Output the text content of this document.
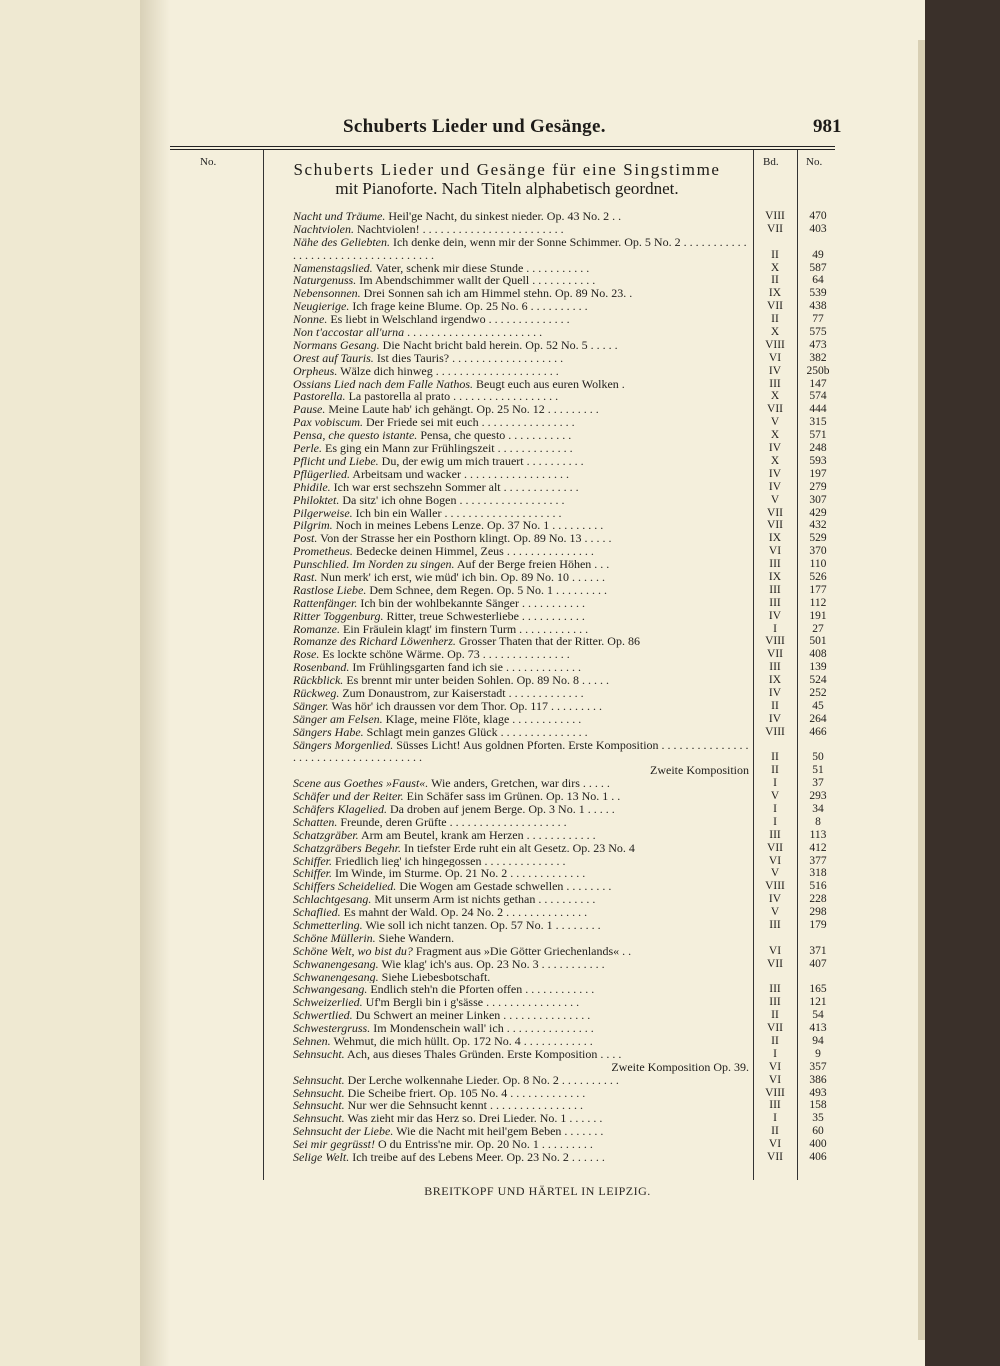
Schuberts Lieder und Gesänge.	981
No.	Bd. No.
Schuberts Lieder und Gesänge für eine Singstimme
mit Pianoforte. Nach Titeln alphabetisch geordnet.
Nacht und Träume. Heil'ge Nacht, du sinkest nieder. Op. 43 No. 2 . .	VIII	470
Nachtviolen. Nachtviolen! . . . . . . . . . . . . . . . . . . . . . . . .	VII	403
Nähe des Geliebten. Ich denke dein, wenn mir der Sonne Schimmer. Op. 5 No. 2 . . . . . . . . . . . . . . . . . . . . . . . . . . . . . . . . . . .	II	49
Namenstagslied. Vater, schenk mir diese Stunde . . . . . . . . . . .	X	587
Naturgenuss. Im Abendschimmer wallt der Quell . . . . . . . . . . .	II	64
Nebensonnen. Drei Sonnen sah ich am Himmel stehn. Op. 89 No. 23. .	IX	539
Neugierige. Ich frage keine Blume. Op. 25 No. 6 . . . . . . . . . .	VII	438
Nonne. Es liebt in Welschland irgendwo . . . . . . . . . . . . . .	II	77
Non t'accostar all'urna . . . . . . . . . . . . . . . . . . . . . . .	X	575
Normans Gesang. Die Nacht bricht bald herein. Op. 52 No. 5 . . . . .	VIII	473
Orest auf Tauris. Ist dies Tauris? . . . . . . . . . . . . . . . . . . .	VI	382
Orpheus. Wälze dich hinweg . . . . . . . . . . . . . . . . . . . . .	IV	250b
Ossians Lied nach dem Falle Nathos. Beugt euch aus euren Wolken .	III	147
Pastorella. La pastorella al prato . . . . . . . . . . . . . . . . . .	X	574
Pause. Meine Laute hab' ich gehängt. Op. 25 No. 12 . . . . . . . . .	VII	444
Pax vobiscum. Der Friede sei mit euch . . . . . . . . . . . . . . . .	V	315
Pensa, che questo istante. Pensa, che questo . . . . . . . . . . .	X	571
Perle. Es ging ein Mann zur Frühlingszeit . . . . . . . . . . . . .	IV	248
Pflicht und Liebe. Du, der ewig um mich trauert . . . . . . . . . .	X	593
Pflügerlied. Arbeitsam und wacker . . . . . . . . . . . . . . . . . .	IV	197
Phidile. Ich war erst sechszehn Sommer alt . . . . . . . . . . . . .	IV	279
Philoktet. Da sitz' ich ohne Bogen . . . . . . . . . . . . . . . . . .	V	307
Pilgerweise. Ich bin ein Waller . . . . . . . . . . . . . . . . . . . .	VII	429
Pilgrim. Noch in meines Lebens Lenze. Op. 37 No. 1 . . . . . . . . .	VII	432
Post. Von der Strasse her ein Posthorn klingt. Op. 89 No. 13 . . . . .	IX	529
Prometheus. Bedecke deinen Himmel, Zeus . . . . . . . . . . . . . . .	VI	370
Punschlied. Im Norden zu singen. Auf der Berge freien Höhen . . .	III	110
Rast. Nun merk' ich erst, wie müd' ich bin. Op. 89 No. 10 . . . . . .	IX	526
Rastlose Liebe. Dem Schnee, dem Regen. Op. 5 No. 1 . . . . . . . . .	III	177
Rattenfänger. Ich bin der wohlbekannte Sänger . . . . . . . . . . .	III	112
Ritter Toggenburg. Ritter, treue Schwesterliebe . . . . . . . . . . .	IV	191
Romanze. Ein Fräulein klagt' im finstern Turm . . . . . . . . . . . .	I	27
Romanze des Richard Löwenherz. Grosser Thaten that der Ritter. Op. 86	VIII	501
Rose. Es lockte schöne Wärme. Op. 73 . . . . . . . . . . . . . . .	VII	408
Rosenband. Im Frühlingsgarten fand ich sie . . . . . . . . . . . . .	III	139
Rückblick. Es brennt mir unter beiden Sohlen. Op. 89 No. 8 . . . . .	IX	524
Rückweg. Zum Donaustrom, zur Kaiserstadt . . . . . . . . . . . . .	IV	252
Sänger. Was hör' ich draussen vor dem Thor. Op. 117 . . . . . . . . .	II	45
Sänger am Felsen. Klage, meine Flöte, klage . . . . . . . . . . . .	IV	264
Sängers Habe. Schlagt mein ganzes Glück . . . . . . . . . . . . . . .	VIII	466
Sängers Morgenlied. Süsses Licht! Aus goldnen Pforten. Erste Komposition . . . . . . . . . . . . . . . . . . . . . . . . . . . . . . . . . . . . .	II	50
Zweite Komposition	II	51
Scene aus Goethes »Faust«. Wie anders, Gretchen, war dirs . . . . .	I	37
Schäfer und der Reiter. Ein Schäfer sass im Grünen. Op. 13 No. 1 . .	V	293
Schäfers Klagelied. Da droben auf jenem Berge. Op. 3 No. 1 . . . . .	I	34
Schatten. Freunde, deren Grüfte . . . . . . . . . . . . . . . . . . . .	I	8
Schatzgräber. Arm am Beutel, krank am Herzen . . . . . . . . . . . .	III	113
Schatzgräbers Begehr. In tiefster Erde ruht ein alt Gesetz. Op. 23 No. 4	VII	412
Schiffer. Friedlich lieg' ich hingegossen . . . . . . . . . . . . . .	VI	377
Schiffer. Im Winde, im Sturme. Op. 21 No. 2 . . . . . . . . . . . . .	V	318
Schiffers Scheidelied. Die Wogen am Gestade schwellen . . . . . . . .	VIII	516
Schlachtgesang. Mit unserm Arm ist nichts gethan . . . . . . . . . .	IV	228
Schaflied. Es mahnt der Wald. Op. 24 No. 2 . . . . . . . . . . . . . .	V	298
Schmetterling. Wie soll ich nicht tanzen. Op. 57 No. 1 . . . . . . . .	III	179
Schöne Müllerin. Siehe Wandern.
Schöne Welt, wo bist du? Fragment aus »Die Götter Griechenlands« . .	VI	371
Schwanengesang. Wie klag' ich's aus. Op. 23 No. 3 . . . . . . . . . . .	VII	407
Schwanengesang. Siehe Liebesbotschaft.
Schwangesang. Endlich steh'n die Pforten offen . . . . . . . . . . . .	III	165
Schweizerlied. Uf'm Bergli bin i g'sässe . . . . . . . . . . . . . . . .	III	121
Schwertlied. Du Schwert an meiner Linken . . . . . . . . . . . . . . .	II	54
Schwestergruss. Im Mondenschein wall' ich . . . . . . . . . . . . . . .	VII	413
Sehnen. Wehmut, die mich hüllt. Op. 172 No. 4 . . . . . . . . . . . .	II	94
Sehnsucht. Ach, aus dieses Thales Gründen. Erste Komposition . . . .	I	9
Zweite Komposition Op. 39.	VI	357
Sehnsucht. Der Lerche wolkennahe Lieder. Op. 8 No. 2 . . . . . . . . . .	VI	386
Sehnsucht. Die Scheibe friert. Op. 105 No. 4 . . . . . . . . . . . . .	VIII	493
Sehnsucht. Nur wer die Sehnsucht kennt . . . . . . . . . . . . . . . .	III	158
Sehnsucht. Was zieht mir das Herz so. Drei Lieder. No. 1 . . . . . .	I	35
Sehnsucht der Liebe. Wie die Nacht mit heil'gem Beben . . . . . . .	II	60
Sei mir gegrüsst! O du Entriss'ne mir. Op. 20 No. 1 . . . . . . . . .	VI	400
Selige Welt. Ich treibe auf des Lebens Meer. Op. 23 No. 2 . . . . . .	VII	406
BREITKOPF UND HÄRTEL IN LEIPZIG.
